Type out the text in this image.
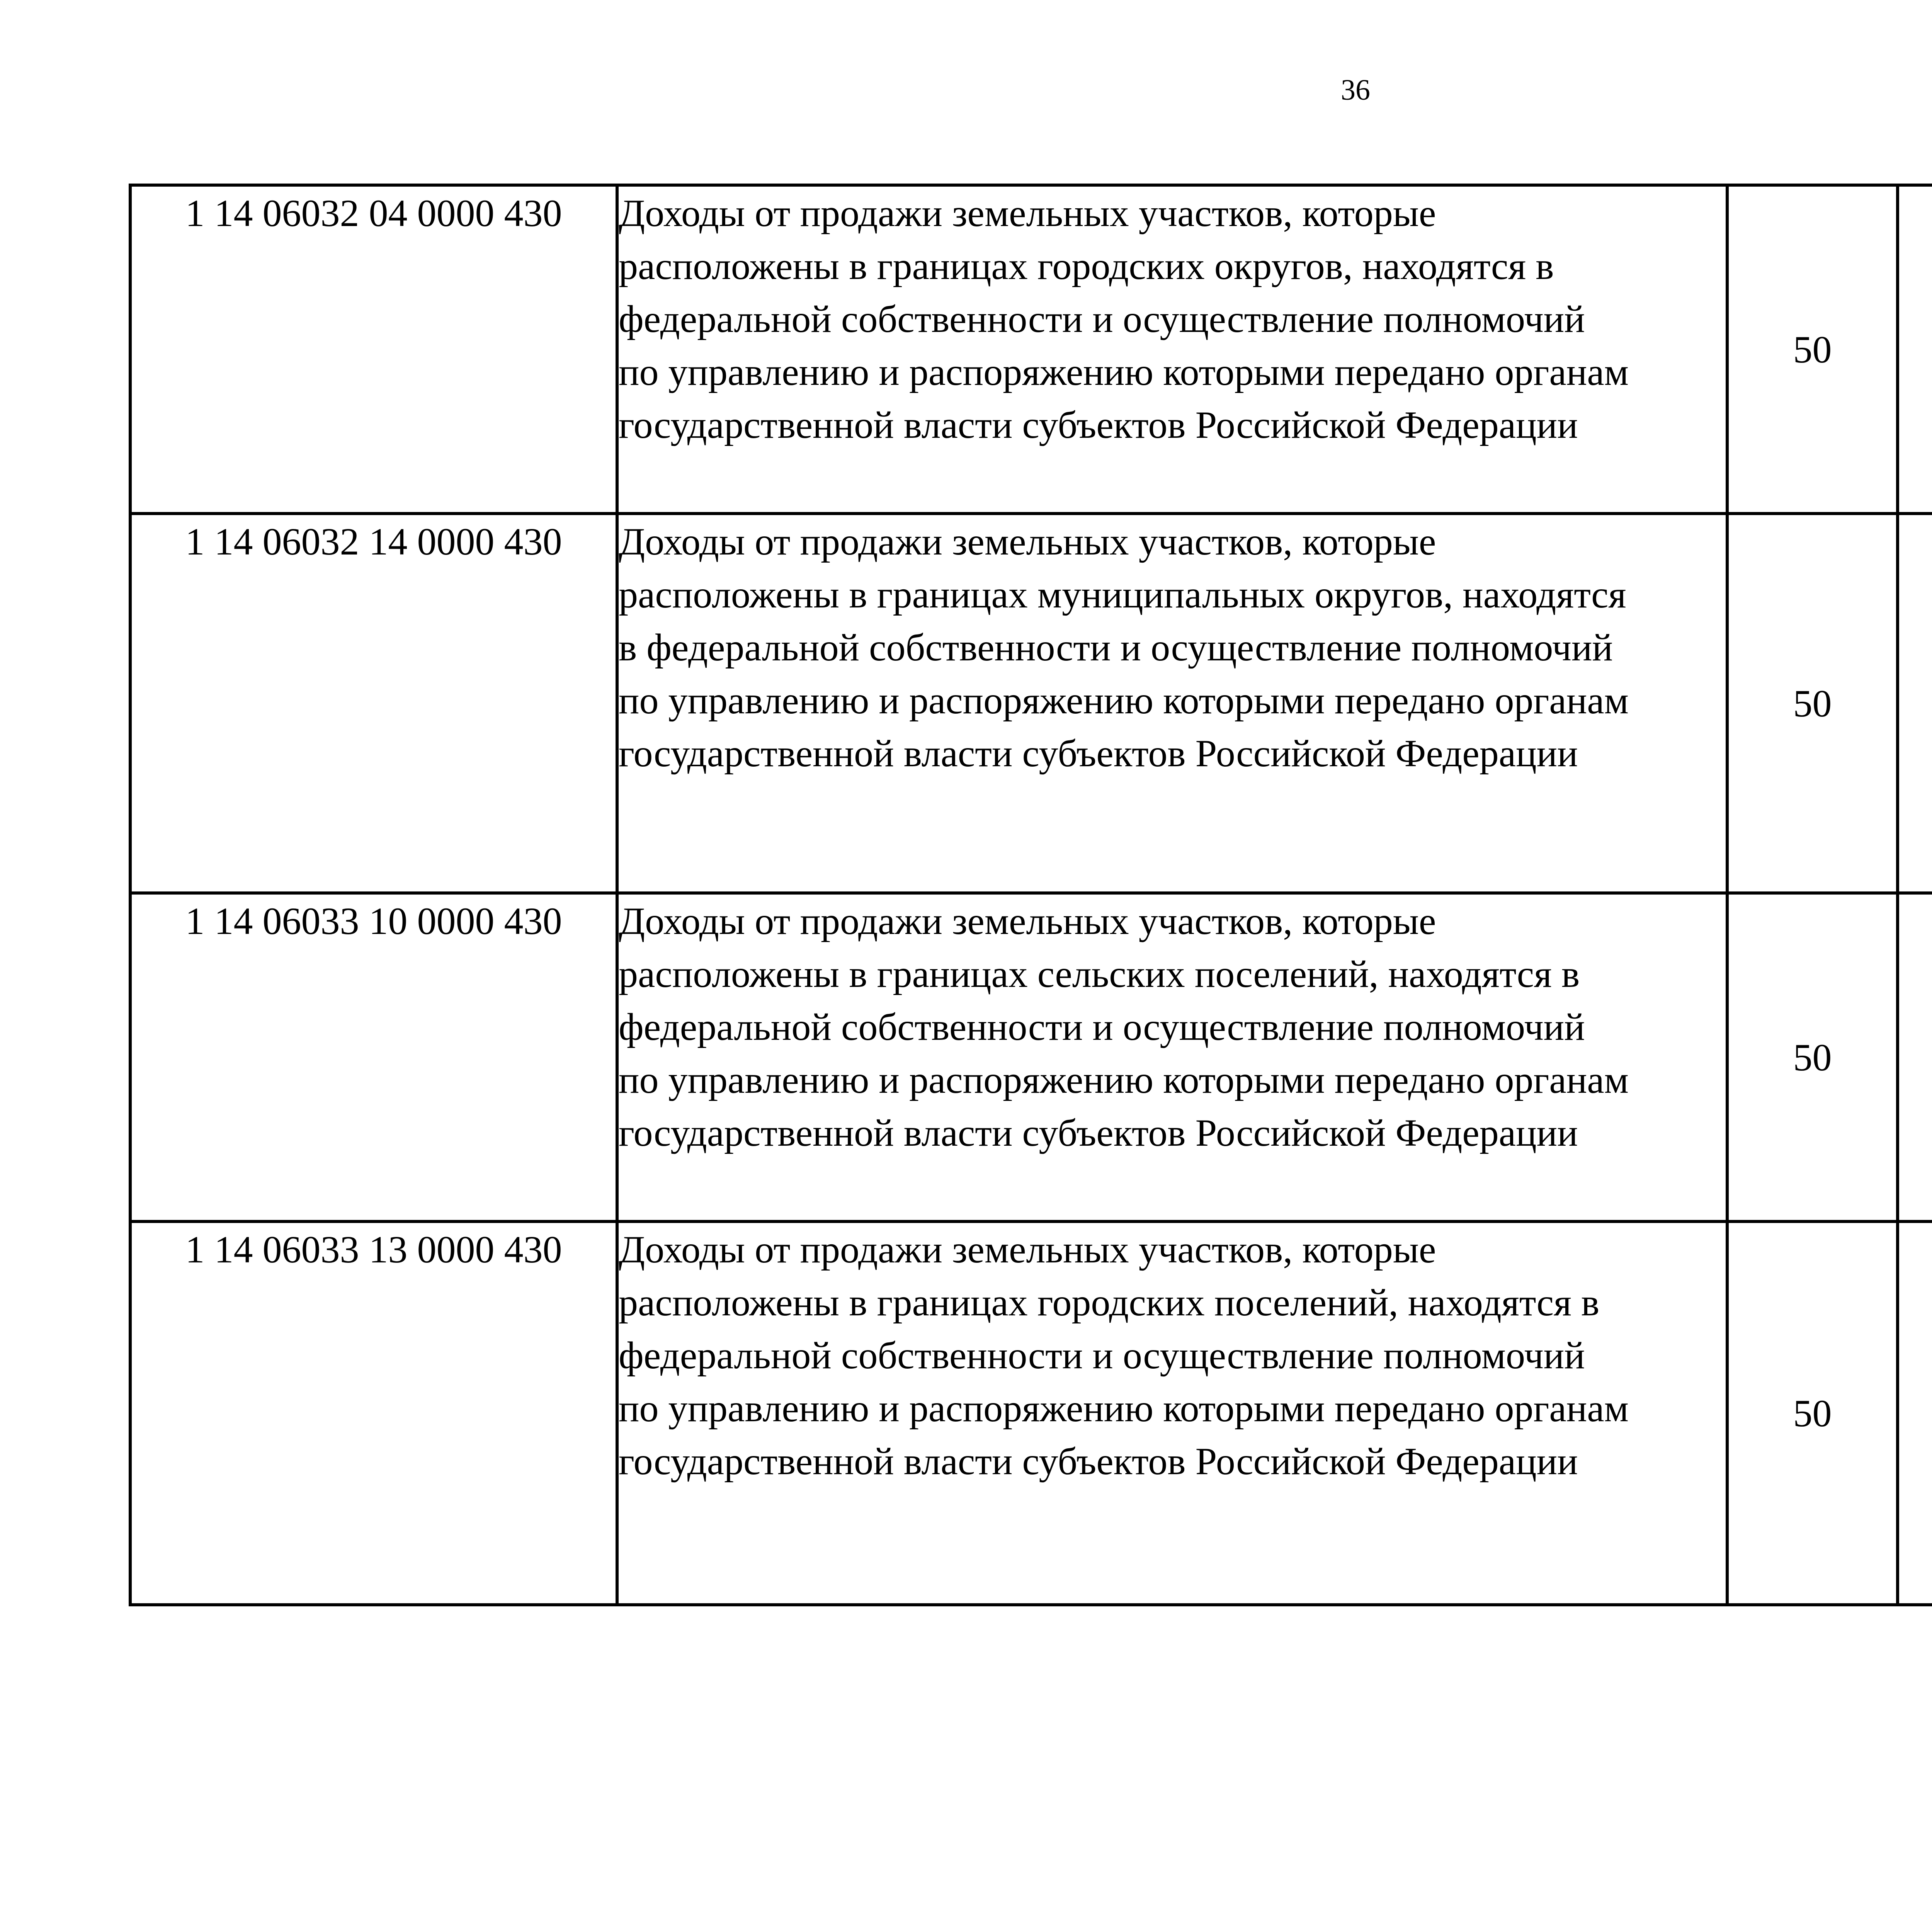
36
1 14 06032 04 0000 430	Доходы от продажи земельных участков, которые
расположены в границах городских округов, находятся в
федеральной собственности и осуществление полномочий
по управлению и распоряжению которыми передано органам
государственной власти субъектов Российской Федерации	50				
1 14 06032 14 0000 430	Доходы от продажи земельных участков, которые
расположены в границах муниципальных округов, находятся
в федеральной собственности и осуществление полномочий
по управлению и распоряжению которыми передано органам
государственной власти субъектов Российской Федерации	50				
1 14 06033 10 0000 430	Доходы от продажи земельных участков, которые
расположены в границах сельских поселений, находятся в
федеральной собственности и осуществление полномочий
по управлению и распоряжению которыми передано органам
государственной власти субъектов Российской Федерации	50				
1 14 06033 13 0000 430	Доходы от продажи земельных участков, которые
расположены в границах городских поселений, находятся в
федеральной собственности и осуществление полномочий
по управлению и распоряжению которыми передано органам
государственной власти субъектов Российской Федерации	50				
